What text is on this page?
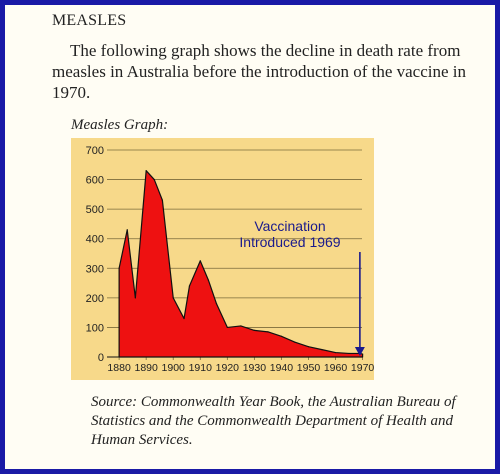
MEASLES
The following graph shows the decline in death rate from measles in Australia before the introduction of the vaccine in 1970.
Measles Graph:
0
100
200
300
400
500
600
700
1880 1890 1900 1910 1920 1930 1940 1950 1960 1970
Vaccination
Introduced 1969
Source: Commonwealth Year Book, the Australian Bureau of Statistics and the Commonwealth Department of Health and Human Services.
